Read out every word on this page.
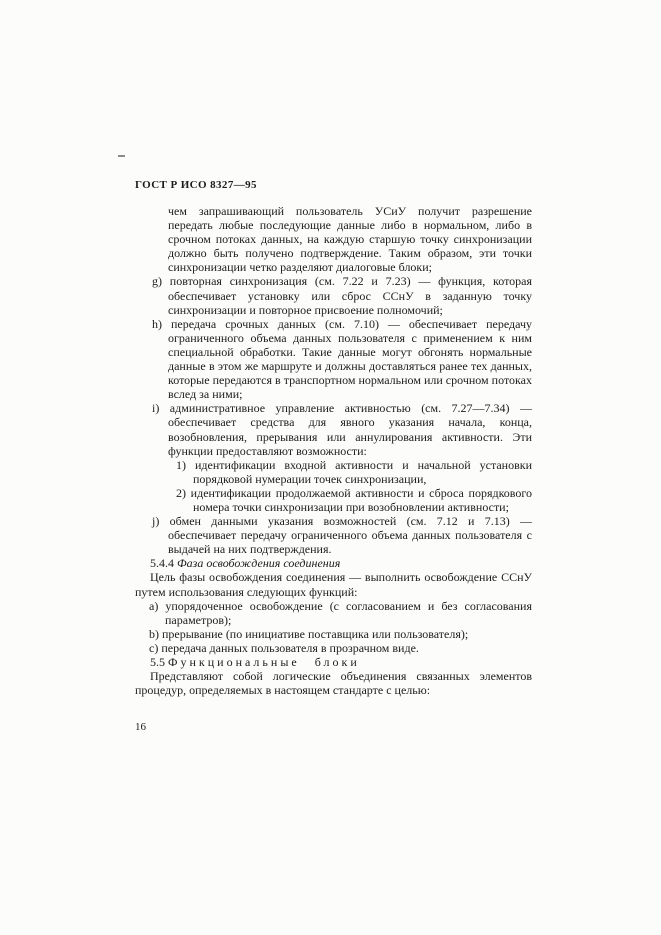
ГОСТ Р ИСО 8327—95

чем запрашивающий пользователь УСиУ получит разрешение передать любые последующие данные либо в нормальном, либо в срочном потоках данных, на каждую старшую точку синхронизации должно быть получено подтверждение. Таким образом, эти точки синхронизации четко разделяют диалоговые блоки;

g) повторная синхронизация (см. 7.22 и 7.23) — функция, которая обеспечивает установку или сброс ССнУ в заданную точку синхронизации и повторное присвоение полномочий;

h) передача срочных данных (см. 7.10) — обеспечивает передачу ограниченного объема данных пользователя с применением к ним специальной обработки. Такие данные могут обгонять нормальные данные в этом же маршруте и должны доставляться ранее тех данных, которые передаются в транспортном нормальном или срочном потоках вслед за ними;

i) административное управление активностью (см. 7.27—7.34) — обеспечивает средства для явного указания начала, конца, возобновления, прерывания или аннулирования активности. Эти функции предоставляют возможности:

1) идентификации входной активности и начальной установки порядковой нумерации точек синхронизации,

2) идентификации продолжаемой активности и сброса порядкового номера точки синхронизации при возобновлении активности;

j) обмен данными указания возможностей (см. 7.12 и 7.13) — обеспечивает передачу ограниченного объема данных пользователя с выдачей на них подтверждения.

5.4.4 Фаза освобождения соединения

Цель фазы освобождения соединения — выполнить освобождение ССнУ путем использования следующих функций:

a) упорядоченное освобождение (с согласованием и без согласования параметров);

b) прерывание (по инициативе поставщика или пользователя);

c) передача данных пользователя в прозрачном виде.

5.5 Функциональные блоки

Представляют собой логические объединения связанных элементов процедур, определяемых в настоящем стандарте с целью:

16
